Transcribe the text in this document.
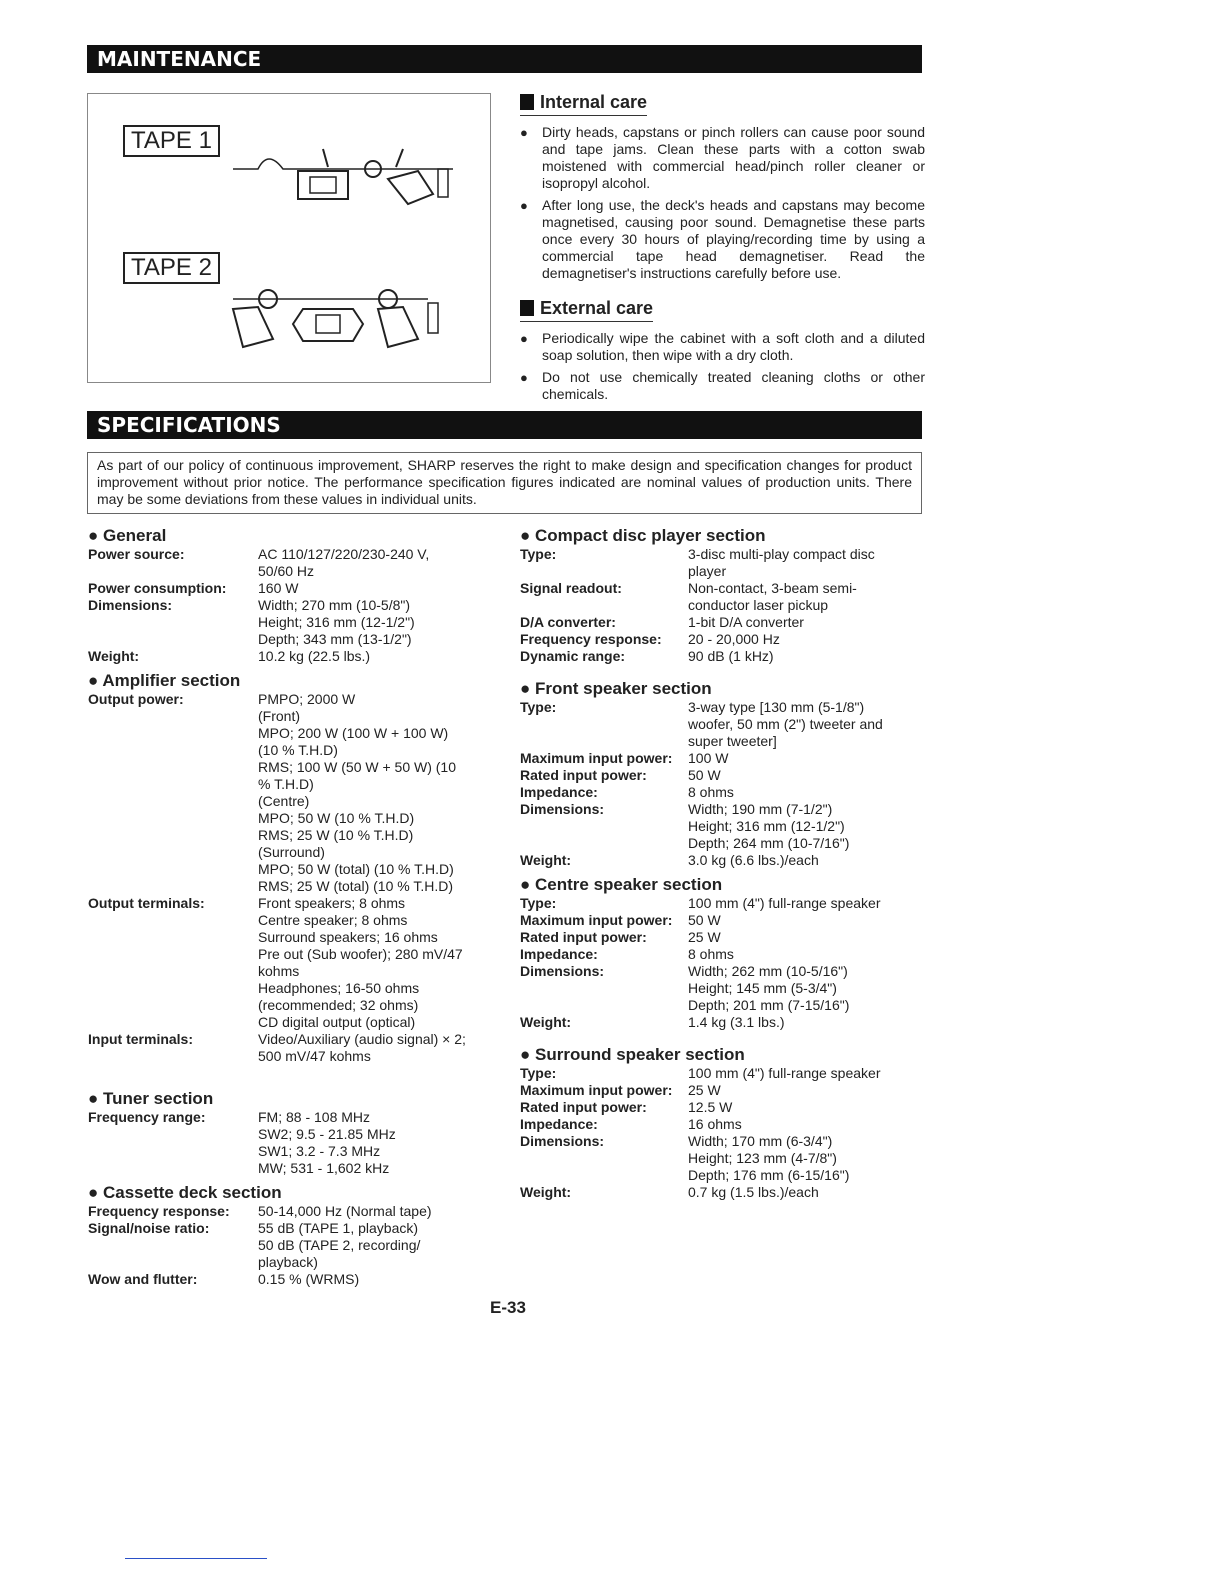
MAINTENANCE
TAPE 1
TAPE 2
Internal care
● Dirty heads, capstans or pinch rollers can cause poor sound and tape jams. Clean these parts with a cotton swab moistened with commercial head/pinch roller cleaner or isopropyl alcohol.
● After long use, the deck's heads and capstans may become magnetised, causing poor sound. Demagnetise these parts once every 30 hours of playing/recording time by using a commercial tape head demagnetiser. Read the demagnetiser's instructions carefully before use.
External care
● Periodically wipe the cabinet with a soft cloth and a diluted soap solution, then wipe with a dry cloth.
● Do not use chemically treated cleaning cloths or other chemicals.
SPECIFICATIONS
As part of our policy of continuous improvement, SHARP reserves the right to make design and specification changes for product improvement without prior notice. The performance specification figures indicated are nominal values of production units. There may be some deviations from these values in individual units.
● General
Power source:	AC 110/127/220/230-240 V,
50/60 Hz
Power consumption:	160 W
Dimensions:	Width; 270 mm (10-5/8")
Height; 316 mm (12-1/2")
Depth; 343 mm (13-1/2")
Weight:	10.2 kg (22.5 lbs.)
● Amplifier section
Output power:	PMPO; 2000 W
(Front)
MPO; 200 W (100 W + 100 W)
(10 % T.H.D)
RMS; 100 W (50 W + 50 W) (10
% T.H.D)
(Centre)
MPO; 50 W (10 % T.H.D)
RMS; 25 W (10 % T.H.D)
(Surround)
MPO; 50 W (total) (10 % T.H.D)
RMS; 25 W (total) (10 % T.H.D)
Output terminals:	Front speakers; 8 ohms
Centre speaker; 8 ohms
Surround speakers; 16 ohms
Pre out (Sub woofer); 280 mV/47
kohms
Headphones; 16-50 ohms
(recommended; 32 ohms)
CD digital output (optical)
Input terminals:	Video/Auxiliary (audio signal) × 2;
500 mV/47 kohms
● Tuner section
Frequency range:	FM; 88 - 108 MHz
SW2; 9.5 - 21.85 MHz
SW1; 3.2 - 7.3 MHz
MW; 531 - 1,602 kHz
● Cassette deck section
Frequency response:	50-14,000 Hz (Normal tape)
Signal/noise ratio:	55 dB (TAPE 1, playback)
50 dB (TAPE 2, recording/
playback)
Wow and flutter:	0.15 % (WRMS)
● Compact disc player section
Type:	3-disc multi-play compact disc
player
Signal readout:	Non-contact, 3-beam semi-
conductor laser pickup
D/A converter:	1-bit D/A converter
Frequency response:	20 - 20,000 Hz
Dynamic range:	90 dB (1 kHz)
● Front speaker section
Type:	3-way type [130 mm (5-1/8")
woofer, 50 mm (2") tweeter and
super tweeter]
Maximum input power:	100 W
Rated input power:	50 W
Impedance:	8 ohms
Dimensions:	Width; 190 mm (7-1/2")
Height; 316 mm (12-1/2")
Depth; 264 mm (10-7/16")
Weight:	3.0 kg (6.6 lbs.)/each
● Centre speaker section
Type:	100 mm (4") full-range speaker
Maximum input power:	50 W
Rated input power:	25 W
Impedance:	8 ohms
Dimensions:	Width; 262 mm (10-5/16")
Height; 145 mm (5-3/4")
Depth; 201 mm (7-15/16")
Weight:	1.4 kg (3.1 lbs.)
● Surround speaker section
Type:	100 mm (4") full-range speaker
Maximum input power:	25 W
Rated input power:	12.5 W
Impedance:	16 ohms
Dimensions:	Width; 170 mm (6-3/4")
Height; 123 mm (4-7/8")
Depth; 176 mm (6-15/16")
Weight:	0.7 kg (1.5 lbs.)/each
E-33
